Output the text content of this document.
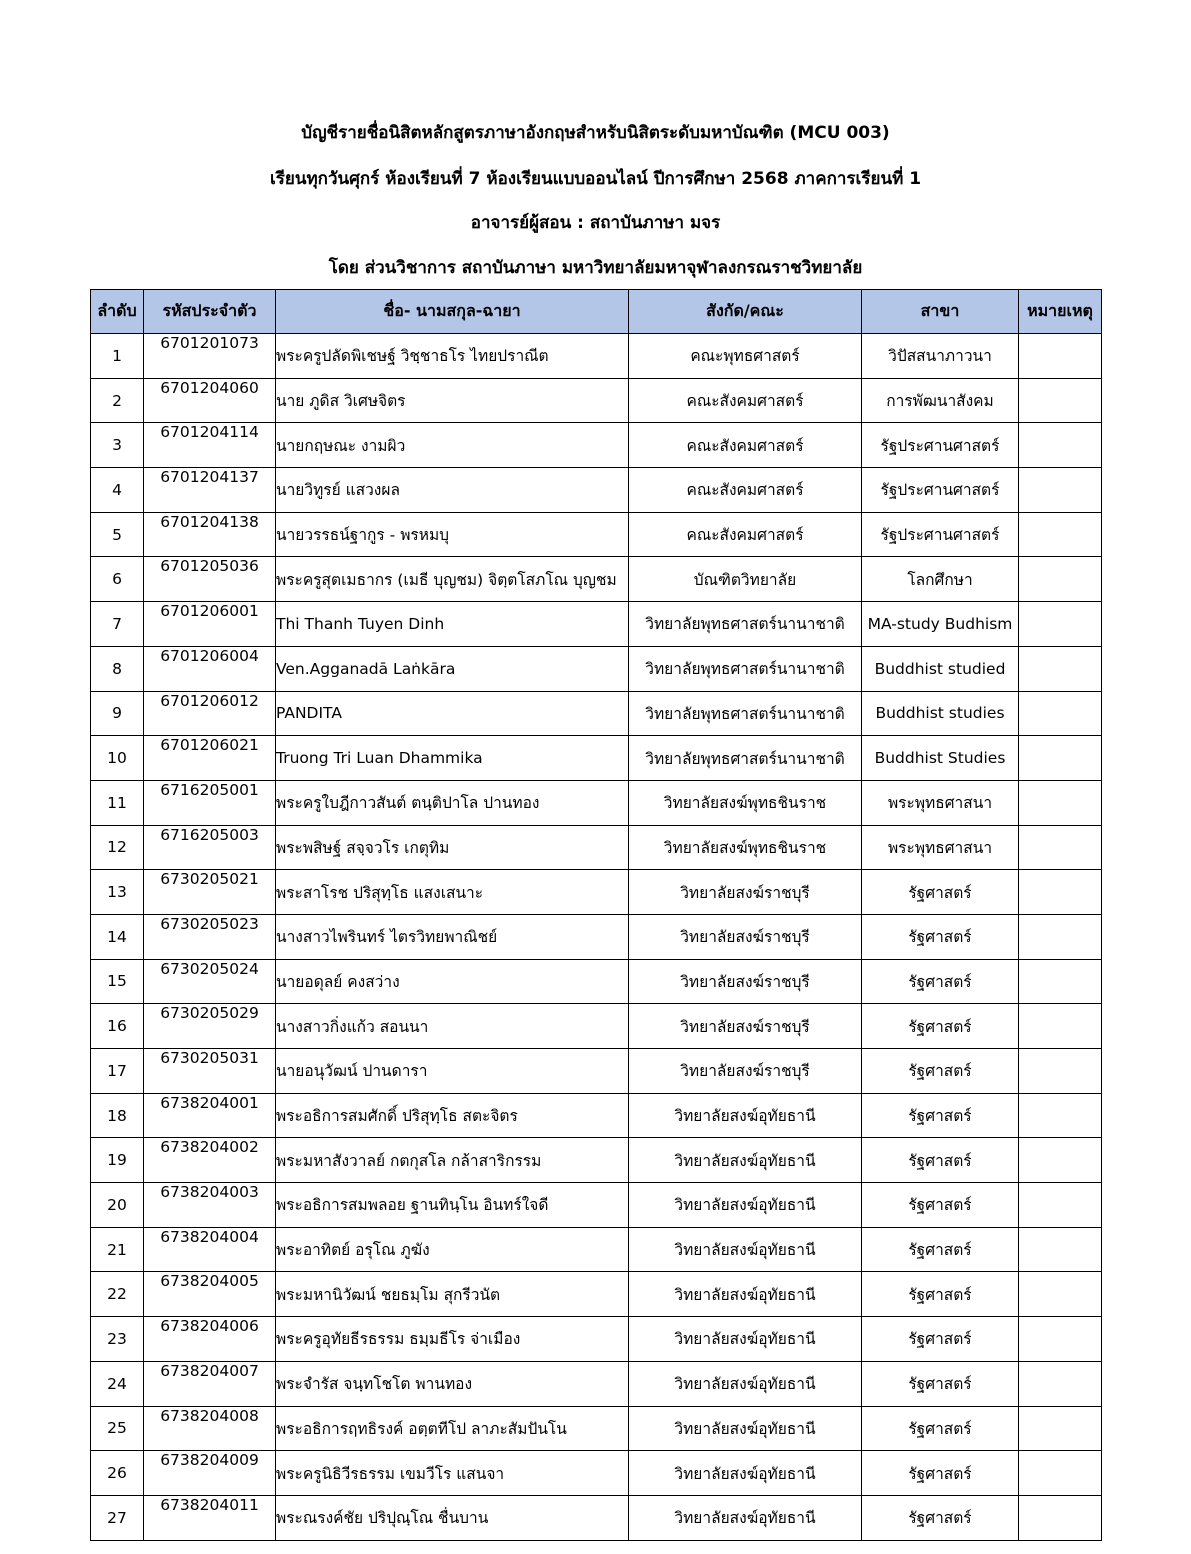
บัญชีรายชื่อนิสิตหลักสูตรภาษาอังกฤษสำหรับนิสิตระดับมหาบัณฑิต (MCU 003)
เรียนทุกวันศุกร์ ห้องเรียนที่ 7 ห้องเรียนแบบออนไลน์ ปีการศึกษา 2568 ภาคการเรียนที่ 1
อาจารย์ผู้สอน : สถาบันภาษา มจร
โดย ส่วนวิชาการ สถาบันภาษา มหาวิทยาลัยมหาจุฬาลงกรณราชวิทยาลัย
ลำดับ	รหัสประจำตัว	ชื่อ- นามสกุล-ฉายา	สังกัด/คณะ	สาขา	หมายเหตุ
1	6701201073	พระครูปลัดพิเชษฐ์ วิชฺชาธโร ไทยปราณีต	คณะพุทธศาสตร์	วิปัสสนาภาวนา	
2	6701204060	นาย ภูดิส วิเศษจิตร	คณะสังคมศาสตร์	การพัฒนาสังคม	
3	6701204114	นายกฤษณะ งามผิว	คณะสังคมศาสตร์	รัฐประศานศาสตร์	
4	6701204137	นายวิทูรย์ แสวงผล	คณะสังคมศาสตร์	รัฐประศานศาสตร์	
5	6701204138	นายวรรธน์ฐากูร - พรหมบุ	คณะสังคมศาสตร์	รัฐประศานศาสตร์	
6	6701205036	พระครูสุตเมธากร (เมธี บุญชม) จิตฺตโสภโณ บุญชม	บัณฑิตวิทยาลัย	โลกศึกษา	
7	6701206001	Thi Thanh Tuyen Dinh	วิทยาลัยพุทธศาสตร์นานาชาติ	MA-study Budhism	
8	6701206004	Ven.Agganadā Laṅkāra	วิทยาลัยพุทธศาสตร์นานาชาติ	Buddhist studied	
9	6701206012	PANDITA	วิทยาลัยพุทธศาสตร์นานาชาติ	Buddhist studies	
10	6701206021	Truong Tri Luan Dhammika	วิทยาลัยพุทธศาสตร์นานาชาติ	Buddhist Studies	
11	6716205001	พระครูใบฎีกาวสันต์ ตนฺติปาโล ปานทอง	วิทยาลัยสงฆ์พุทธชินราช	พระพุทธศาสนา	
12	6716205003	พระพสิษฐ์ สจฺจวโร เกตุทิม	วิทยาลัยสงฆ์พุทธชินราช	พระพุทธศาสนา	
13	6730205021	พระสาโรช ปริสุทฺโธ แสงเสนาะ	วิทยาลัยสงฆ์ราชบุรี	รัฐศาสตร์	
14	6730205023	นางสาวไพรินทร์ ไตรวิทยพาณิชย์	วิทยาลัยสงฆ์ราชบุรี	รัฐศาสตร์	
15	6730205024	นายอดุลย์ คงสว่าง	วิทยาลัยสงฆ์ราชบุรี	รัฐศาสตร์	
16	6730205029	นางสาวกิ่งแก้ว สอนนา	วิทยาลัยสงฆ์ราชบุรี	รัฐศาสตร์	
17	6730205031	นายอนุวัฒน์ ปานดารา	วิทยาลัยสงฆ์ราชบุรี	รัฐศาสตร์	
18	6738204001	พระอธิการสมศักดิ์ ปริสุทฺโธ สตะจิตร	วิทยาลัยสงฆ์อุทัยธานี	รัฐศาสตร์	
19	6738204002	พระมหาสังวาลย์ กตกุสโล กล้าสาริกรรม	วิทยาลัยสงฆ์อุทัยธานี	รัฐศาสตร์	
20	6738204003	พระอธิการสมพลอย ฐานทินฺโน อินทร์ใจดี	วิทยาลัยสงฆ์อุทัยธานี	รัฐศาสตร์	
21	6738204004	พระอาทิตย์ อรุโณ ภูฆัง	วิทยาลัยสงฆ์อุทัยธานี	รัฐศาสตร์	
22	6738204005	พระมหานิวัฒน์ ชยธมฺโม สุกรีวนัต	วิทยาลัยสงฆ์อุทัยธานี	รัฐศาสตร์	
23	6738204006	พระครูอุทัยธีรธรรม ธมฺมธีโร จ่าเมือง	วิทยาลัยสงฆ์อุทัยธานี	รัฐศาสตร์	
24	6738204007	พระจำรัส จนฺทโชโต พานทอง	วิทยาลัยสงฆ์อุทัยธานี	รัฐศาสตร์	
25	6738204008	พระอธิการฤทธิรงค์ อตฺตทีโป ลาภะสัมปันโน	วิทยาลัยสงฆ์อุทัยธานี	รัฐศาสตร์	
26	6738204009	พระครูนิธิวีรธรรม เขมวีโร แสนจา	วิทยาลัยสงฆ์อุทัยธานี	รัฐศาสตร์	
27	6738204011	พระณรงค์ชัย ปริปุณฺโณ ชื่นบาน	วิทยาลัยสงฆ์อุทัยธานี	รัฐศาสตร์	
